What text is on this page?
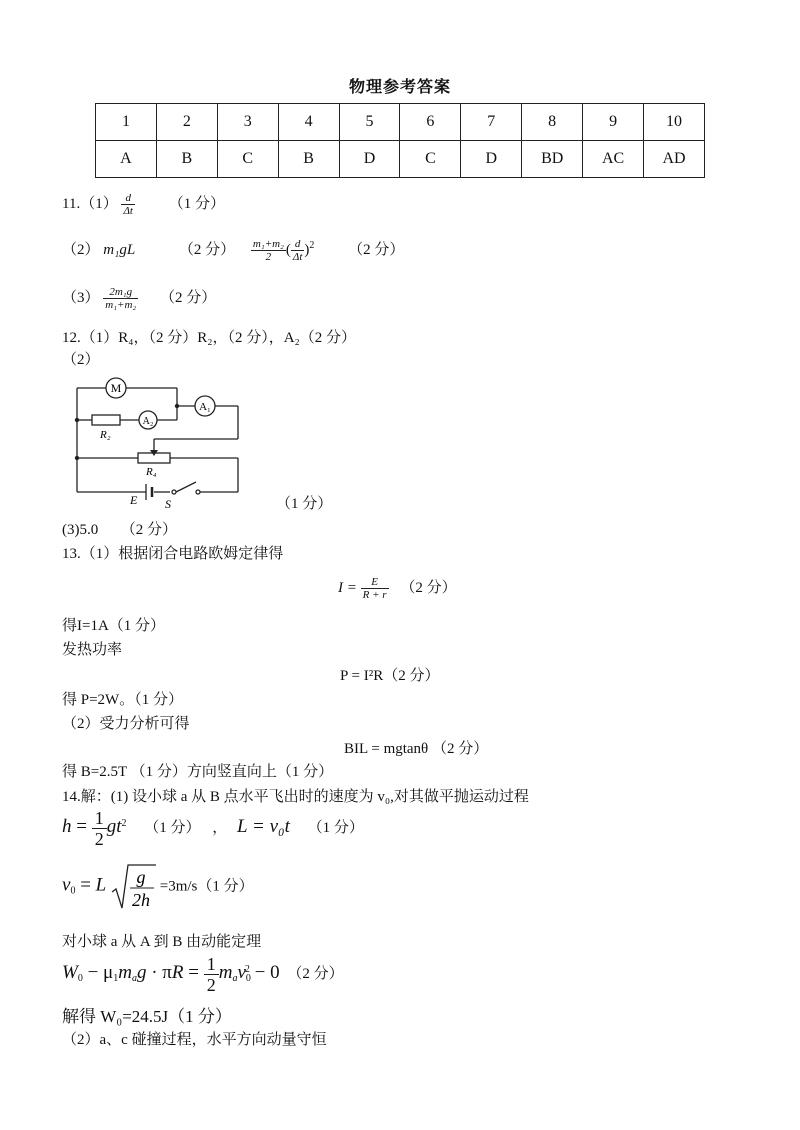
物理参考答案
1	2	3	4	5	6	7	8	9	10
A	B	C	B	D	C	D	BD	AC	AD
$11.(1) \frac{d}{\Delta t} (1$ 分）
（2） m₁gL	（2 分） $\frac{\text{m₁+m₂}}{2}$ ( $\frac{d}{\Delta t} )^2$ （2 分）
$(3) \frac{\text{2m₁g}}{\text{m₁+m₂}} (2$ 分）
12.（1）R₄，（2 分）R₂，（2 分），A₂（2 分）
（2）
M
A₂
A₁
R₂
R₄
E S	（1 分）
(3)5.0　　（2 分）
13.（1）根据闭合电路欧姆定律得
$I = \frac{E}{R + r} (2$ 分）
得I=1A（1 分）
发热功率
P = I²R（2 分）
得 P=2W。（1 分）
（2）受力分析可得
BIL = mgtanθ （2 分）
得 B=2.5T （1 分）方向竖直向上（1 分）
14.解：(1) 设小球 a 从 B 点水平飞出时的速度为 v₀,对其做平抛运动过程
$h = \frac{1}{2} gt^2$ （1 分） ， L = v₀t （1 分）
$v_0 = L$ g
2h
=3m/s（1 分）
对小球 a 从 A 到 B 由动能定理
$W_0 - \mu_1m_ag \cdot \pi R = \frac{1}{2} m_av_0^2 - 0$ （2 分）
解得 W₀=24.5J（1 分）
（2）a、c 碰撞过程，水平方向动量守恒
